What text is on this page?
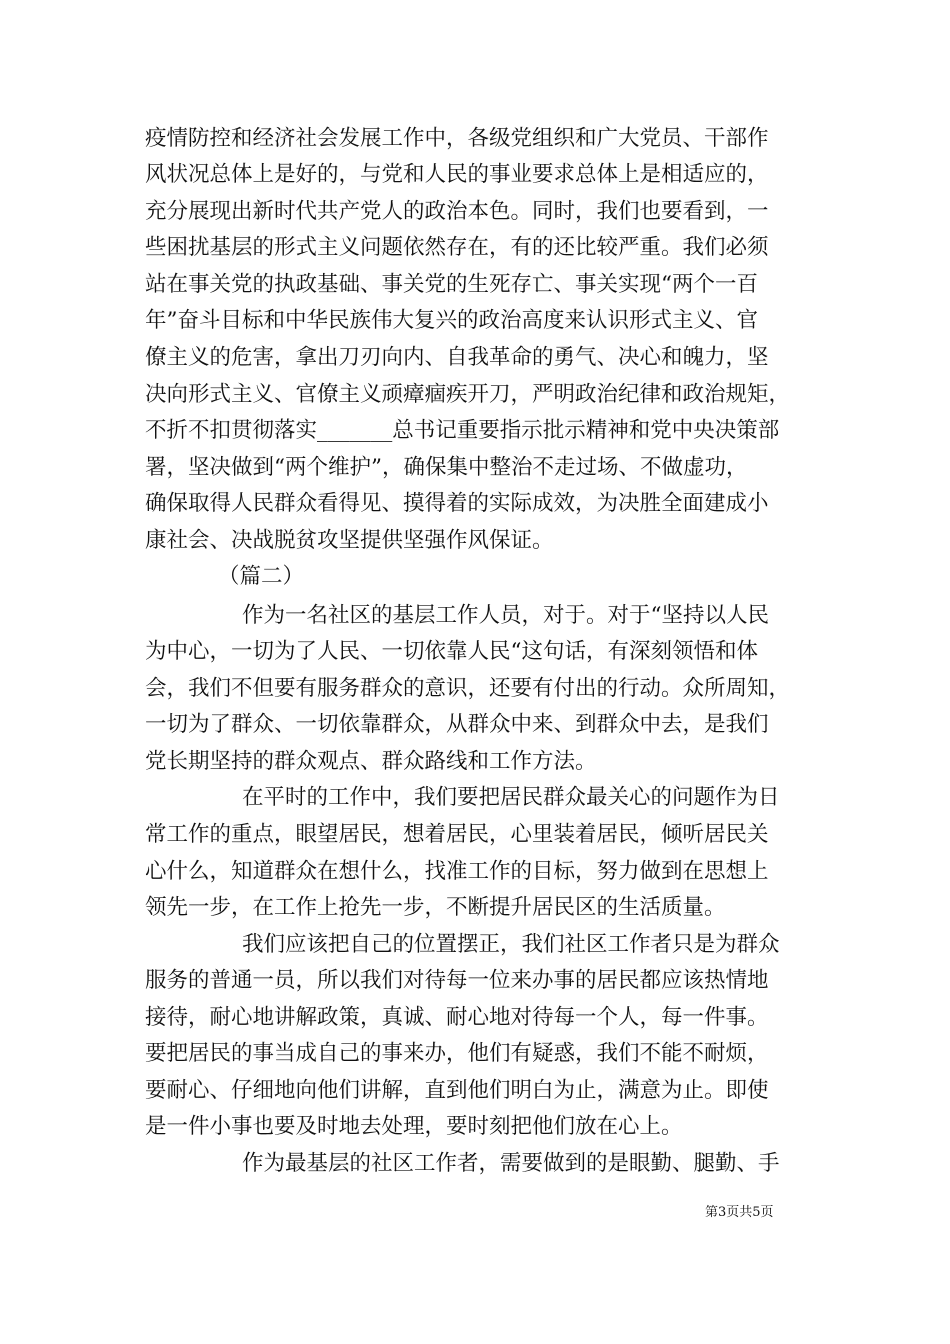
疫情防控和经济社会发展工作中，各级党组织和广大党员、干部作
风状况总体上是好的，与党和人民的事业要求总体上是相适应的，
充分展现出新时代共产党人的政治本色。同时，我们也要看到，一
些困扰基层的形式主义问题依然存在，有的还比较严重。我们必须
站在事关党的执政基础、事关党的生死存亡、事关实现“两个一百
年”奋斗目标和中华民族伟大复兴的政治高度来认识形式主义、官
僚主义的危害，拿出刀刃向内、自我革命的勇气、决心和魄力，坚
决向形式主义、官僚主义顽瘴痼疾开刀，严明政治纪律和政治规矩，
不折不扣贯彻落实_______总书记重要指示批示精神和党中央决策部
署，坚决做到“两个维护”，确保集中整治不走过场、不做虚功，
确保取得人民群众看得见、摸得着的实际成效，为决胜全面建成小
康社会、决战脱贫攻坚提供坚强作风保证。
（篇二）
作为一名社区的基层工作人员，对于。对于“坚持以人民
为中心，一切为了人民、一切依靠人民“这句话，有深刻领悟和体
会，我们不但要有服务群众的意识，还要有付出的行动。众所周知，
一切为了群众、一切依靠群众，从群众中来、到群众中去，是我们
党长期坚持的群众观点、群众路线和工作方法。
在平时的工作中，我们要把居民群众最关心的问题作为日
常工作的重点，眼望居民，想着居民，心里装着居民，倾听居民关
心什么，知道群众在想什么，找准工作的目标，努力做到在思想上
领先一步，在工作上抢先一步，不断提升居民区的生活质量。
我们应该把自己的位置摆正，我们社区工作者只是为群众
服务的普通一员，所以我们对待每一位来办事的居民都应该热情地
接待，耐心地讲解政策，真诚、耐心地对待每一个人，每一件事。
要把居民的事当成自己的事来办，他们有疑惑，我们不能不耐烦，
要耐心、仔细地向他们讲解，直到他们明白为止，满意为止。即使
是一件小事也要及时地去处理，要时刻把他们放在心上。
作为最基层的社区工作者，需要做到的是眼勤、腿勤、手
第3页共5页
